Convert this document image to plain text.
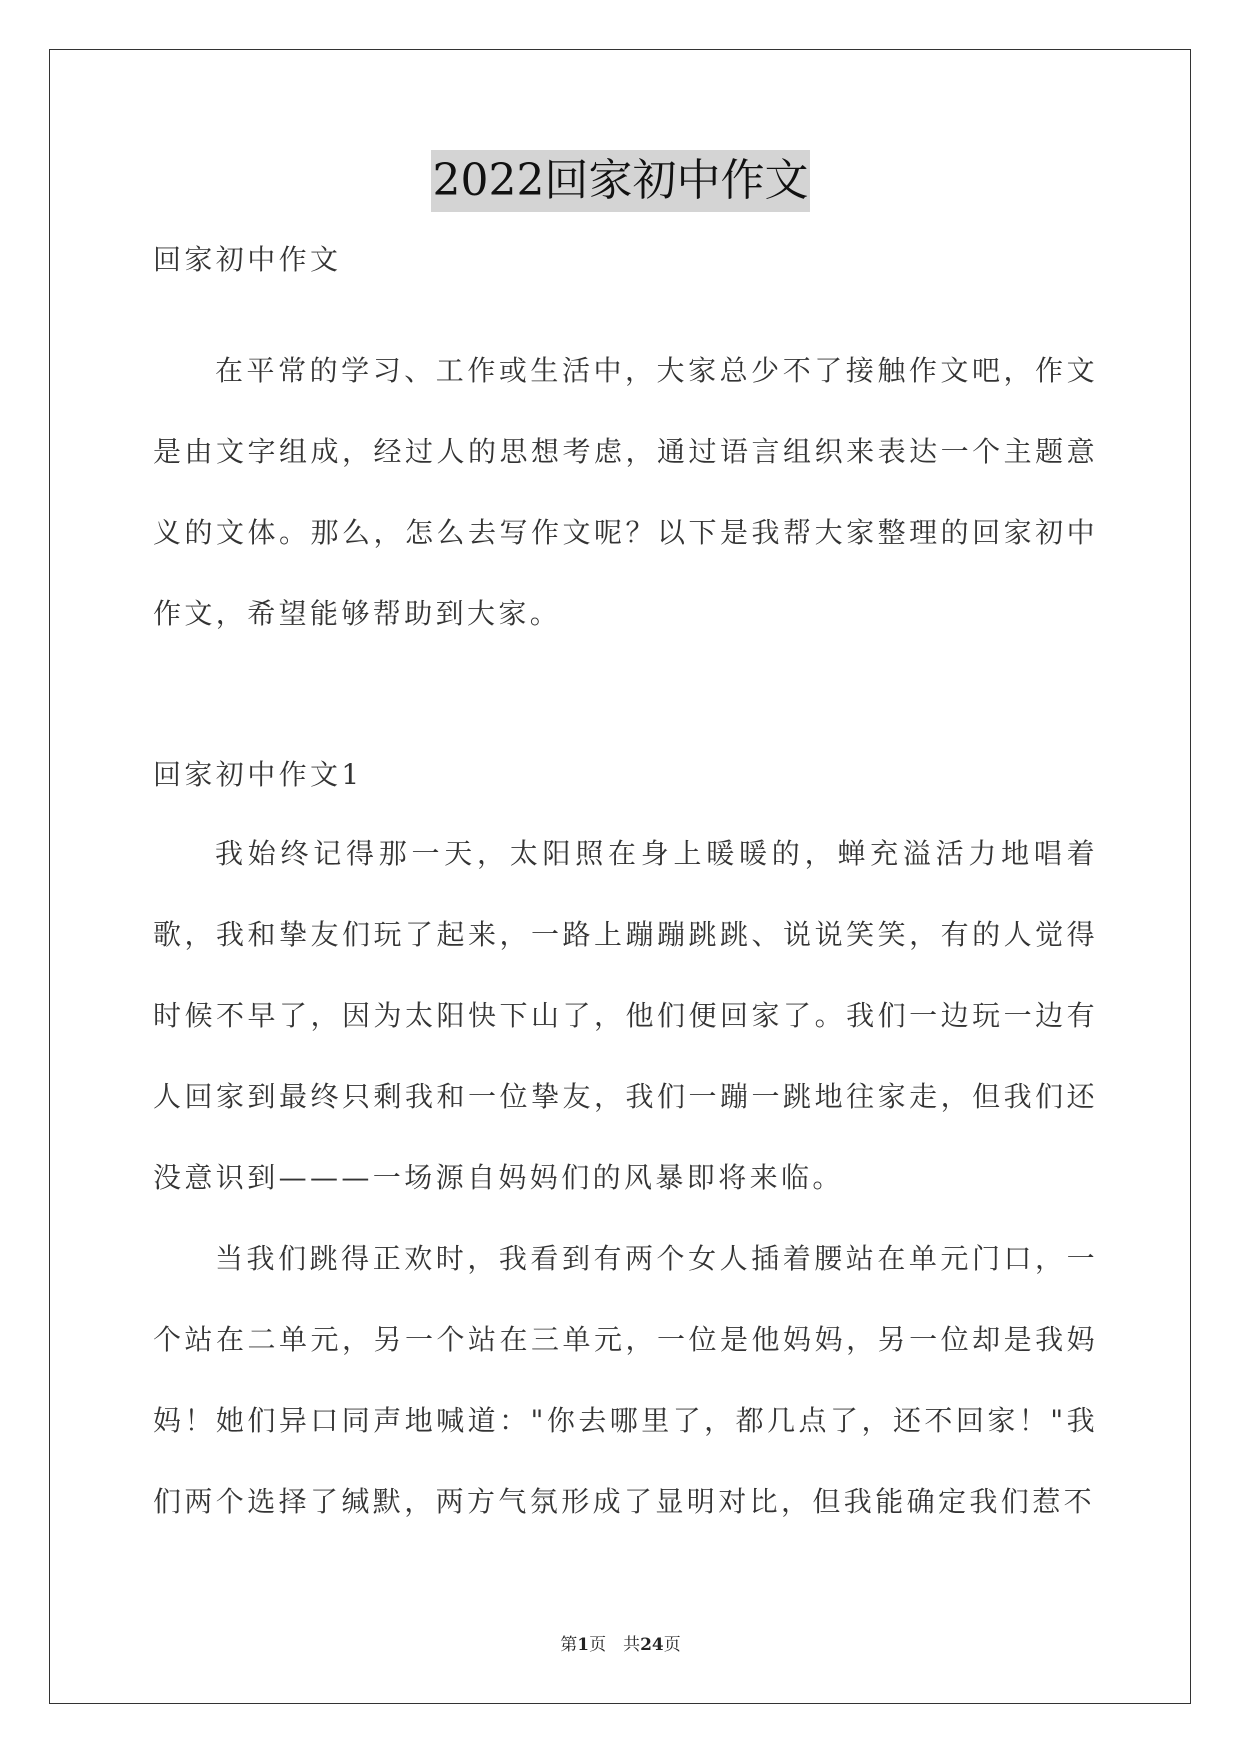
2022回家初中作文
回家初中作文

在平常的学习、工作或生活中，大家总少不了接触作文吧，作文是由文字组成，经过人的思想考虑，通过语言组织来表达一个主题意义的文体。那么，怎么去写作文呢？以下是我帮大家整理的回家初中作文，希望能够帮助到大家。

回家初中作文1

我始终记得那一天，太阳照在身上暖暖的，蝉充溢活力地唱着歌，我和挚友们玩了起来，一路上蹦蹦跳跳、说说笑笑，有的人觉得时候不早了，因为太阳快下山了，他们便回家了。我们一边玩一边有人回家到最终只剩我和一位挚友，我们一蹦一跳地往家走，但我们还没意识到———一场源自妈妈们的风暴即将来临。

当我们跳得正欢时，我看到有两个女人插着腰站在单元门口，一个站在二单元，另一个站在三单元，一位是他妈妈，另一位却是我妈妈！她们异口同声地喊道："你去哪里了，都几点了，还不回家！"我们两个选择了缄默，两方气氛形成了显明对比，但我能确定我们惹不

第1页　共24页
